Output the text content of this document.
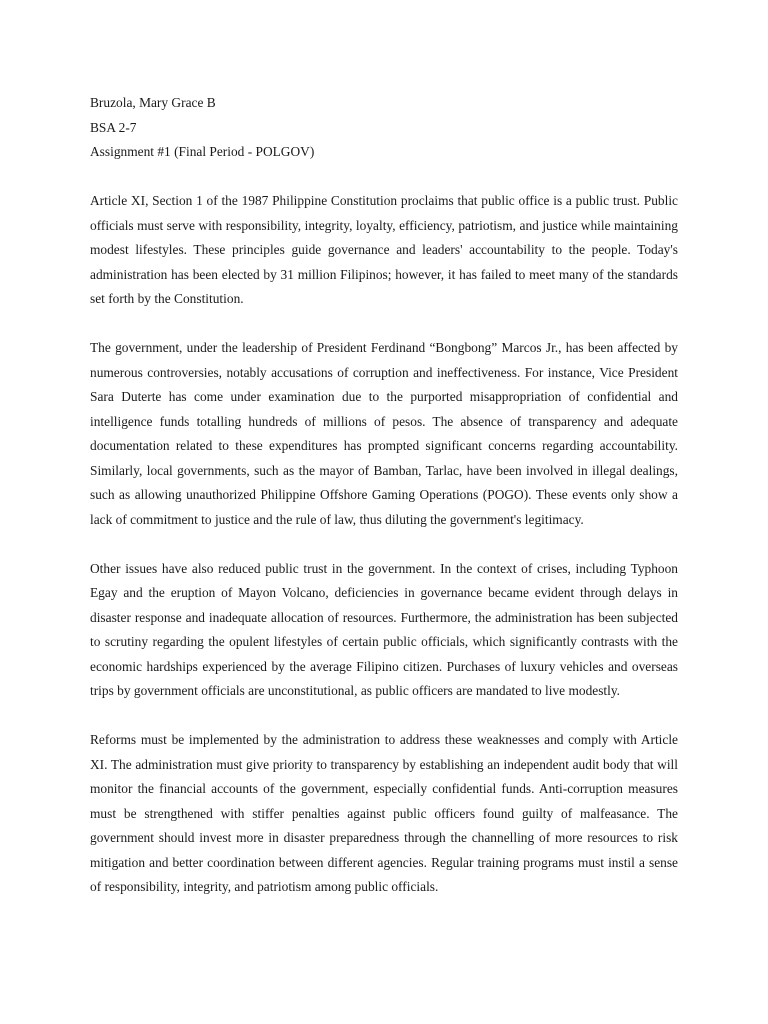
Bruzola, Mary Grace B

BSA 2-7

Assignment #1 (Final Period - POLGOV)

Article XI, Section 1 of the 1987 Philippine Constitution proclaims that public office is a public trust. Public officials must serve with responsibility, integrity, loyalty, efficiency, patriotism, and justice while maintaining modest lifestyles. These principles guide governance and leaders' accountability to the people. Today's administration has been elected by 31 million Filipinos; however, it has failed to meet many of the standards set forth by the Constitution.

The government, under the leadership of President Ferdinand “Bongbong” Marcos Jr., has been affected by numerous controversies, notably accusations of corruption and ineffectiveness. For instance, Vice President Sara Duterte has come under examination due to the purported misappropriation of confidential and intelligence funds totalling hundreds of millions of pesos. The absence of transparency and adequate documentation related to these expenditures has prompted significant concerns regarding accountability. Similarly, local governments, such as the mayor of Bamban, Tarlac, have been involved in illegal dealings, such as allowing unauthorized Philippine Offshore Gaming Operations (POGO). These events only show a lack of commitment to justice and the rule of law, thus diluting the government's legitimacy.

Other issues have also reduced public trust in the government. In the context of crises, including Typhoon Egay and the eruption of Mayon Volcano, deficiencies in governance became evident through delays in disaster response and inadequate allocation of resources. Furthermore, the administration has been subjected to scrutiny regarding the opulent lifestyles of certain public officials, which significantly contrasts with the economic hardships experienced by the average Filipino citizen. Purchases of luxury vehicles and overseas trips by government officials are unconstitutional, as public officers are mandated to live modestly.

Reforms must be implemented by the administration to address these weaknesses and comply with Article XI. The administration must give priority to transparency by establishing an independent audit body that will monitor the financial accounts of the government, especially confidential funds. Anti-corruption measures must be strengthened with stiffer penalties against public officers found guilty of malfeasance. The government should invest more in disaster preparedness through the channelling of more resources to risk mitigation and better coordination between different agencies. Regular training programs must instil a sense of responsibility, integrity, and patriotism among public officials.
